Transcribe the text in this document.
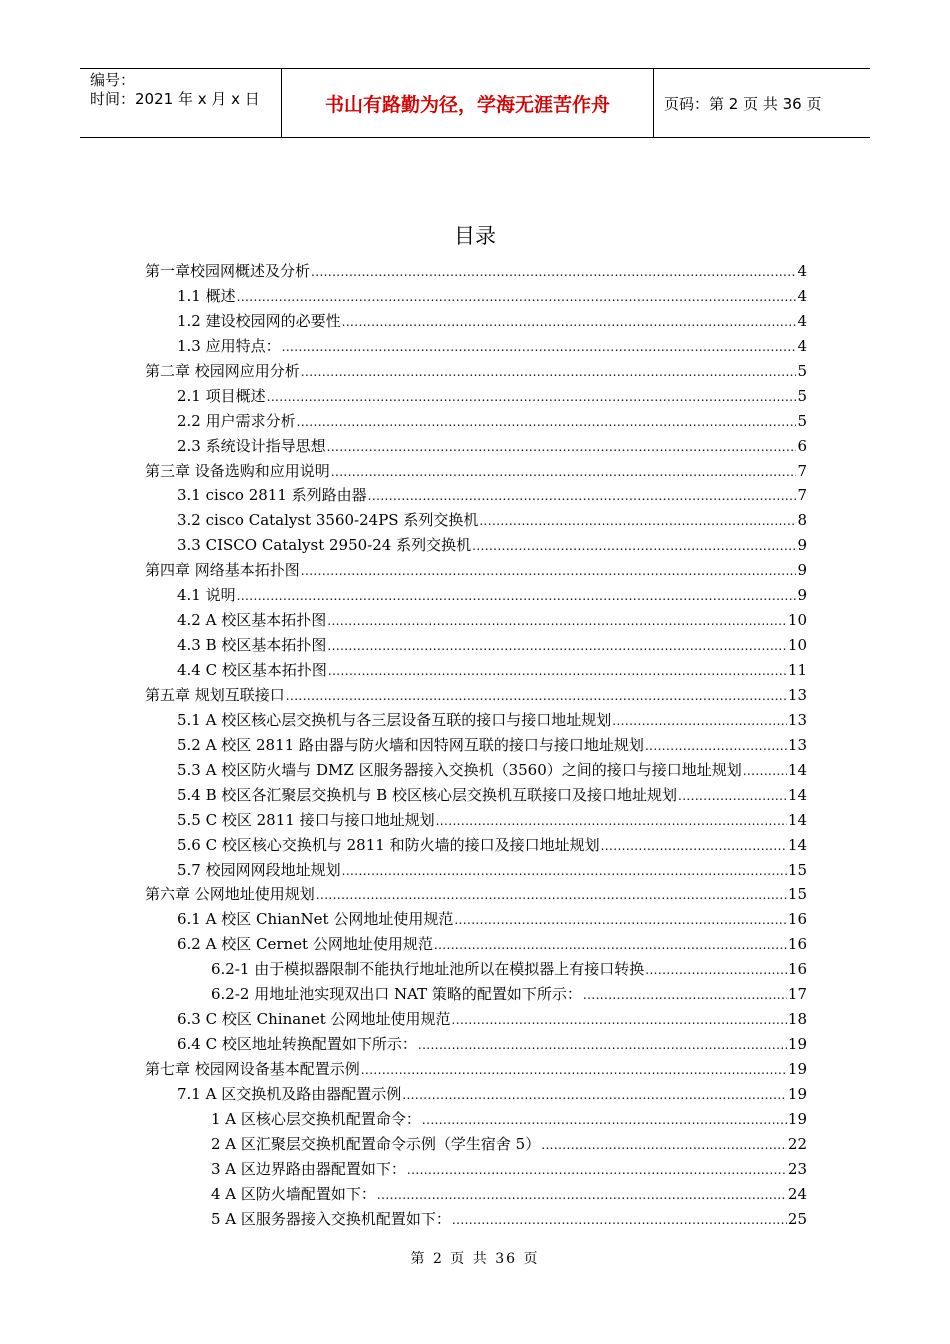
编号：
时间：2021 年 x 月 x 日	书山有路勤为径，学海无涯苦作舟	页码：第 2 页 共 36 页
目录
第一章校园网概述及分析 .....	4
1.1 概述 .....	4
1.2 建设校园网的必要性 .....	4
1.3 应用特点： .....	4
第二章 校园网应用分析 .....	5
2.1 项目概述 .....	5
2.2 用户需求分析 .....	5
2.3 系统设计指导思想 .....	6
第三章 设备选购和应用说明 .....	7
3.1 cisco 2811 系列路由器 .....	7
3.2 cisco Catalyst 3560-24PS 系列交换机 .....	8
3.3 CISCO Catalyst 2950-24 系列交换机 .....	9
第四章 网络基本拓扑图 .....	9
4.1 说明 .....	9
4.2 A 校区基本拓扑图 .....	10
4.3 B 校区基本拓扑图 .....	10
4.4 C 校区基本拓扑图 .....	11
第五章 规划互联接口 .....	13
5.1 A 校区核心层交换机与各三层设备互联的接口与接口地址规划 .....	13
5.2 A 校区 2811 路由器与防火墙和因特网互联的接口与接口地址规划 .....	13
5.3 A 校区防火墙与 DMZ 区服务器接入交换机（3560）之间的接口与接口地址规划 .....	14
5.4 B 校区各汇聚层交换机与 B 校区核心层交换机互联接口及接口地址规划 .....	14
5.5 C 校区 2811 接口与接口地址规划 .....	14
5.6 C 校区核心交换机与 2811 和防火墙的接口及接口地址规划 .....	14
5.7 校园网网段地址规划 .....	15
第六章 公网地址使用规划 .....	15
6.1 A 校区 ChianNet 公网地址使用规范 .....	16
6.2 A 校区 Cernet 公网地址使用规范 .....	16
6.2-1 由于模拟器限制不能执行地址池所以在模拟器上有接口转换 .....	16
6.2-2 用地址池实现双出口 NAT 策略的配置如下所示： .....	17
6.3 C 校区 Chinanet 公网地址使用规范 .....	18
6.4 C 校区地址转换配置如下所示： .....	19
第七章 校园网设备基本配置示例 .....	19
7.1 A 区交换机及路由器配置示例 .....	19
1 A 区核心层交换机配置命令： .....	19
2 A 区汇聚层交换机配置命令示例（学生宿舍 5） .....	22
3 A 区边界路由器配置如下： .....	23
4 A 区防火墙配置如下： .....	24
5 A 区服务器接入交换机配置如下： .....	25
第 2 页 共 36 页
